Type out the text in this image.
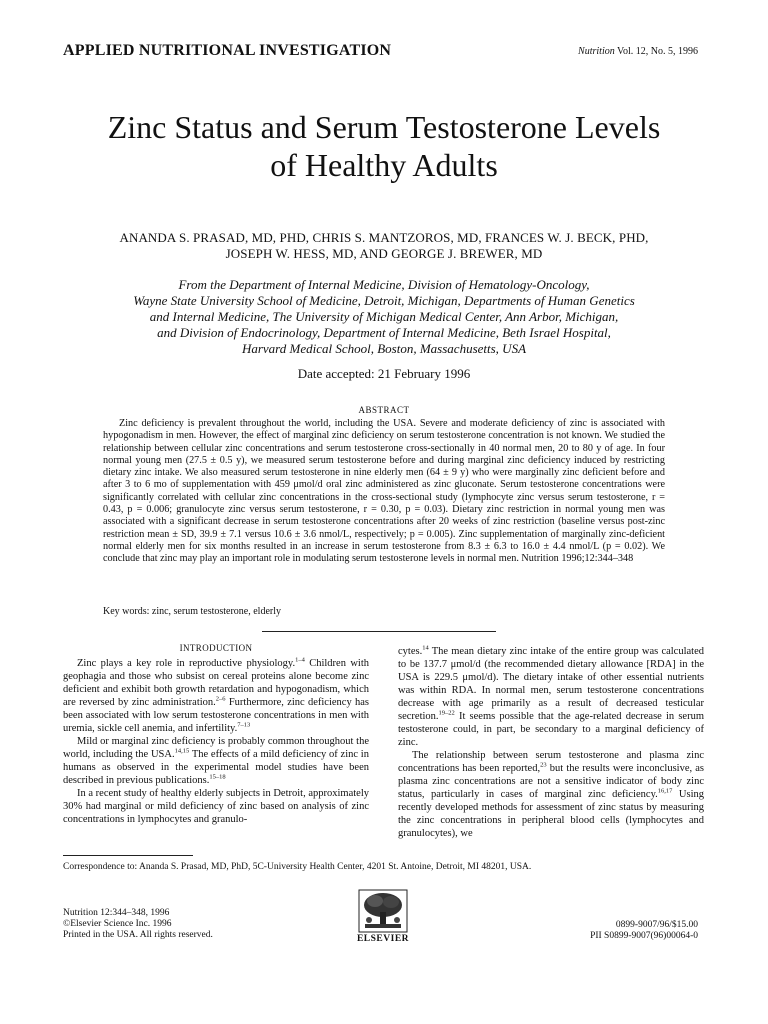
APPLIED NUTRITIONAL INVESTIGATION	Nutrition Vol. 12, No. 5, 1996
Zinc Status and Serum Testosterone Levels
of Healthy Adults
ANANDA S. PRASAD, MD, PHD, CHRIS S. MANTZOROS, MD, FRANCES W. J. BECK, PHD,
JOSEPH W. HESS, MD, AND GEORGE J. BREWER, MD
From the Department of Internal Medicine, Division of Hematology-Oncology,
Wayne State University School of Medicine, Detroit, Michigan, Departments of Human Genetics
and Internal Medicine, The University of Michigan Medical Center, Ann Arbor, Michigan,
and Division of Endocrinology, Department of Internal Medicine, Beth Israel Hospital,
Harvard Medical School, Boston, Massachusetts, USA
Date accepted: 21 February 1996
ABSTRACT

Zinc deficiency is prevalent throughout the world, including the USA. Severe and moderate deficiency of zinc is associated with hypogonadism in men. However, the effect of marginal zinc deficiency on serum testosterone concentration is not known. We studied the relationship between cellular zinc concentrations and serum testosterone cross-sectionally in 40 normal men, 20 to 80 y of age. In four normal young men (27.5 ± 0.5 y), we measured serum testosterone before and during marginal zinc deficiency induced by restricting dietary zinc intake. We also measured serum testosterone in nine elderly men (64 ± 9 y) who were marginally zinc deficient before and after 3 to 6 mo of supplementation with 459 μmol/d oral zinc administered as zinc gluconate. Serum testosterone concentrations were significantly correlated with cellular zinc concentrations in the cross-sectional study (lymphocyte zinc versus serum testosterone, r = 0.43, p = 0.006; granulocyte zinc versus serum testosterone, r = 0.30, p = 0.03). Dietary zinc restriction in normal young men was associated with a significant decrease in serum testosterone concentrations after 20 weeks of zinc restriction (baseline versus post-zinc restriction mean ± SD, 39.9 ± 7.1 versus 10.6 ± 3.6 nmol/L, respectively; p = 0.005). Zinc supplementation of marginally zinc-deficient normal elderly men for six months resulted in an increase in serum testosterone from 8.3 ± 6.3 to 16.0 ± 4.4 nmol/L (p = 0.02). We conclude that zinc may play an important role in modulating serum testosterone levels in normal men. Nutrition 1996;12:344–348

Key words: zinc, serum testosterone, elderly
INTRODUCTION

Zinc plays a key role in reproductive physiology.$^{1-4}$ Children with geophagia and those who subsist on cereal proteins alone become zinc deficient and exhibit both growth retardation and hypogonadism, which are reversed by zinc administration.$^{2-6}$ Furthermore, zinc deficiency has been associated with low serum testosterone concentrations in men with uremia, sickle cell anemia, and infertility.$^{7-13}$

Mild or marginal zinc deficiency is probably common throughout the world, including the USA.$^{14,15}$ The effects of a mild deficiency of zinc in humans as observed in the experimental model studies have been described in previous publications.$^{15-18}$

In a recent study of healthy elderly subjects in Detroit, approximately 30% had marginal or mild deficiency of zinc based on analysis of zinc concentrations in lymphocytes and granulo-

cytes.$^{14}$ The mean dietary zinc intake of the entire group was calculated to be 137.7 μmol/d (the recommended dietary allowance [RDA] in the USA is 229.5 μmol/d). The dietary intake of other essential nutrients was within RDA. In normal men, serum testosterone concentrations decrease with age primarily as a result of decreased testicular secretion.$^{19-22}$ It seems possible that the age-related decrease in serum testosterone could, in part, be secondary to a marginal deficiency of zinc.

The relationship between serum testosterone and plasma zinc concentrations has been reported,$^{23}$ but the results were inconclusive, as plasma zinc concentrations are not a sensitive indicator of body zinc status, particularly in cases of marginal zinc deficiency.$^{16,17}$ Using recently developed methods for assessment of zinc status by measuring the zinc concentrations in peripheral blood cells (lymphocytes and granulocytes), we

Correspondence to: Ananda S. Prasad, MD, PhD, 5C-University Health Center, 4201 St. Antoine, Detroit, MI 48201, USA.
Nutrition 12:344–348, 1996
©Elsevier Science Inc. 1996
Printed in the USA. All rights reserved.	ELSEVIER
0899-9007/96/$15.00
PII S0899-9007(96)00064-0
